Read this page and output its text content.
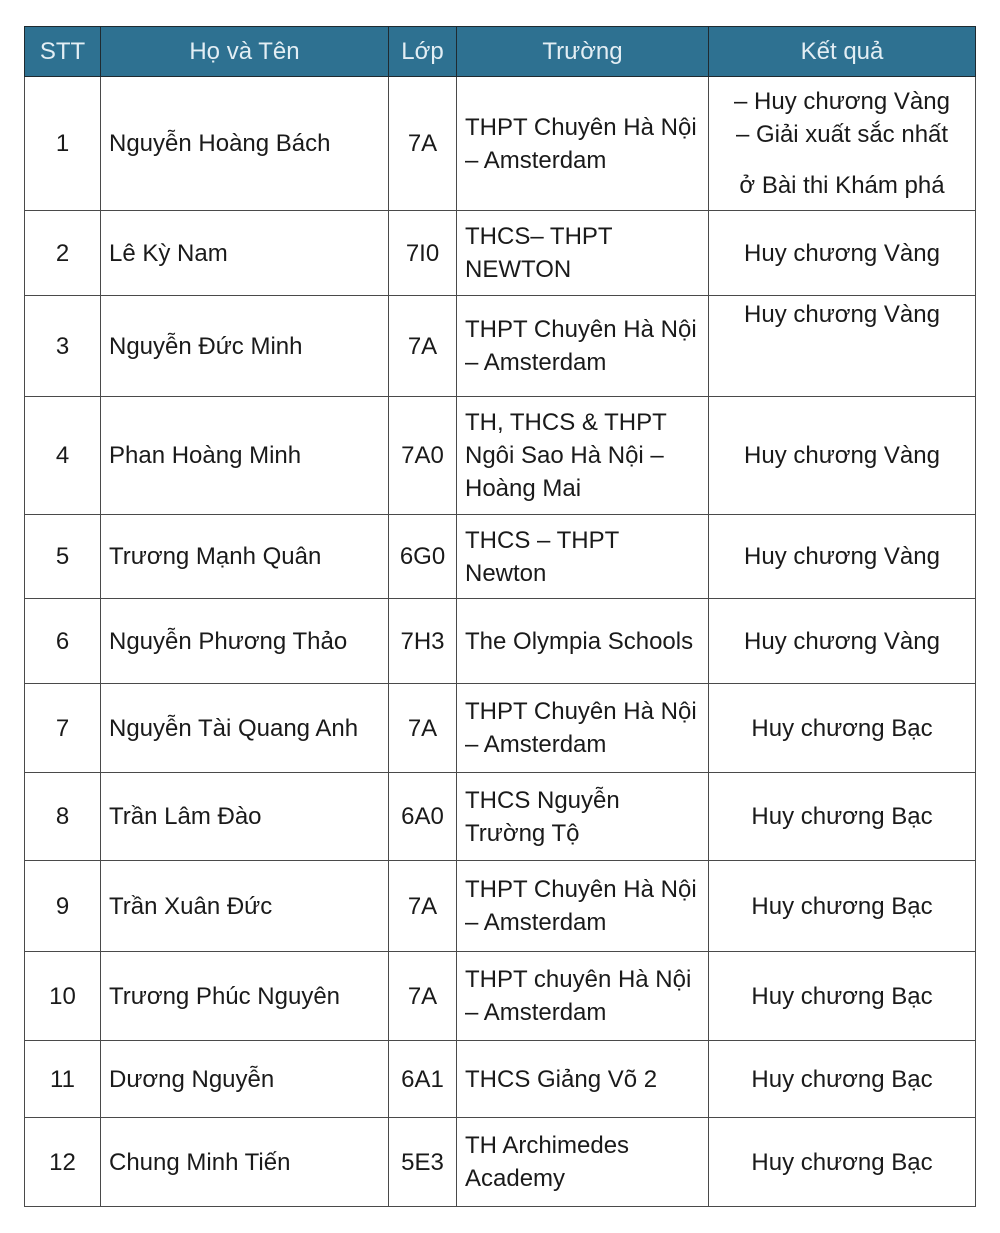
STT	Họ và Tên	Lớp	Trường	Kết quả
1	Nguyễn Hoàng Bách	7A	THPT Chuyên Hà Nội – Amsterdam	– Huy chương Vàng
– Giải xuất sắc nhất
ở Bài thi Khám phá

2	Lê Kỳ Nam	7I0	THCS– THPT NEWTON	Huy chương Vàng
3	Nguyễn Đức Minh	7A	THPT Chuyên Hà Nội – Amsterdam	Huy chương Vàng
4	Phan Hoàng Minh	7A0	TH, THCS & THPT Ngôi Sao Hà Nội – Hoàng Mai	Huy chương Vàng
5	Trương Mạnh Quân	6G0	THCS – THPT Newton	Huy chương Vàng
6	Nguyễn Phương Thảo	7H3	The Olympia Schools	Huy chương Vàng
7	Nguyễn Tài Quang Anh	7A	THPT Chuyên Hà Nội – Amsterdam	Huy chương Bạc
8	Trần Lâm Đào	6A0	THCS Nguyễn Trường Tộ	Huy chương Bạc
9	Trần Xuân Đức	7A	THPT Chuyên Hà Nội – Amsterdam	Huy chương Bạc
10	Trương Phúc Nguyên	7A	THPT chuyên Hà Nội – Amsterdam	Huy chương Bạc
11	Dương Nguyễn	6A1	THCS Giảng Võ 2	Huy chương Bạc
12	Chung Minh Tiến	5E3	TH Archimedes Academy	Huy chương Bạc
